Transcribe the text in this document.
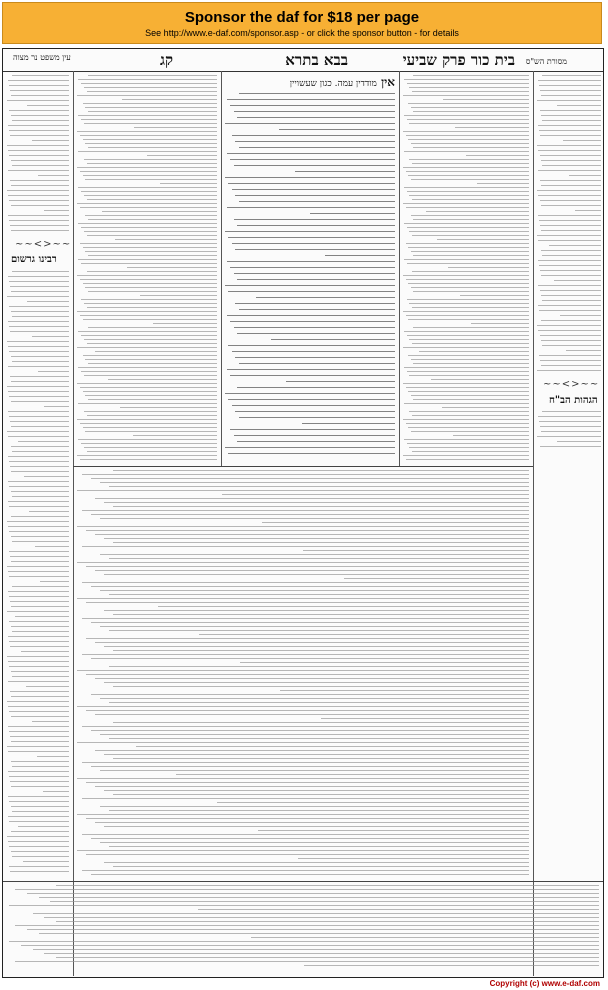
Sponsor the daf for $18 per page
See http://www.e-daf.com/sponsor.asp - or click the sponsor button - for details
מסורת הש"ס
בית כור פרק שביעי
בבא בתרא
קג
עין משפט נר מצוה
~~<>~~
רבינו גרשום
אין מודדין עמה. כגון שעשויין
~~<>~~
הגהות הב"ח
Copyright (c) www.e-daf.com
